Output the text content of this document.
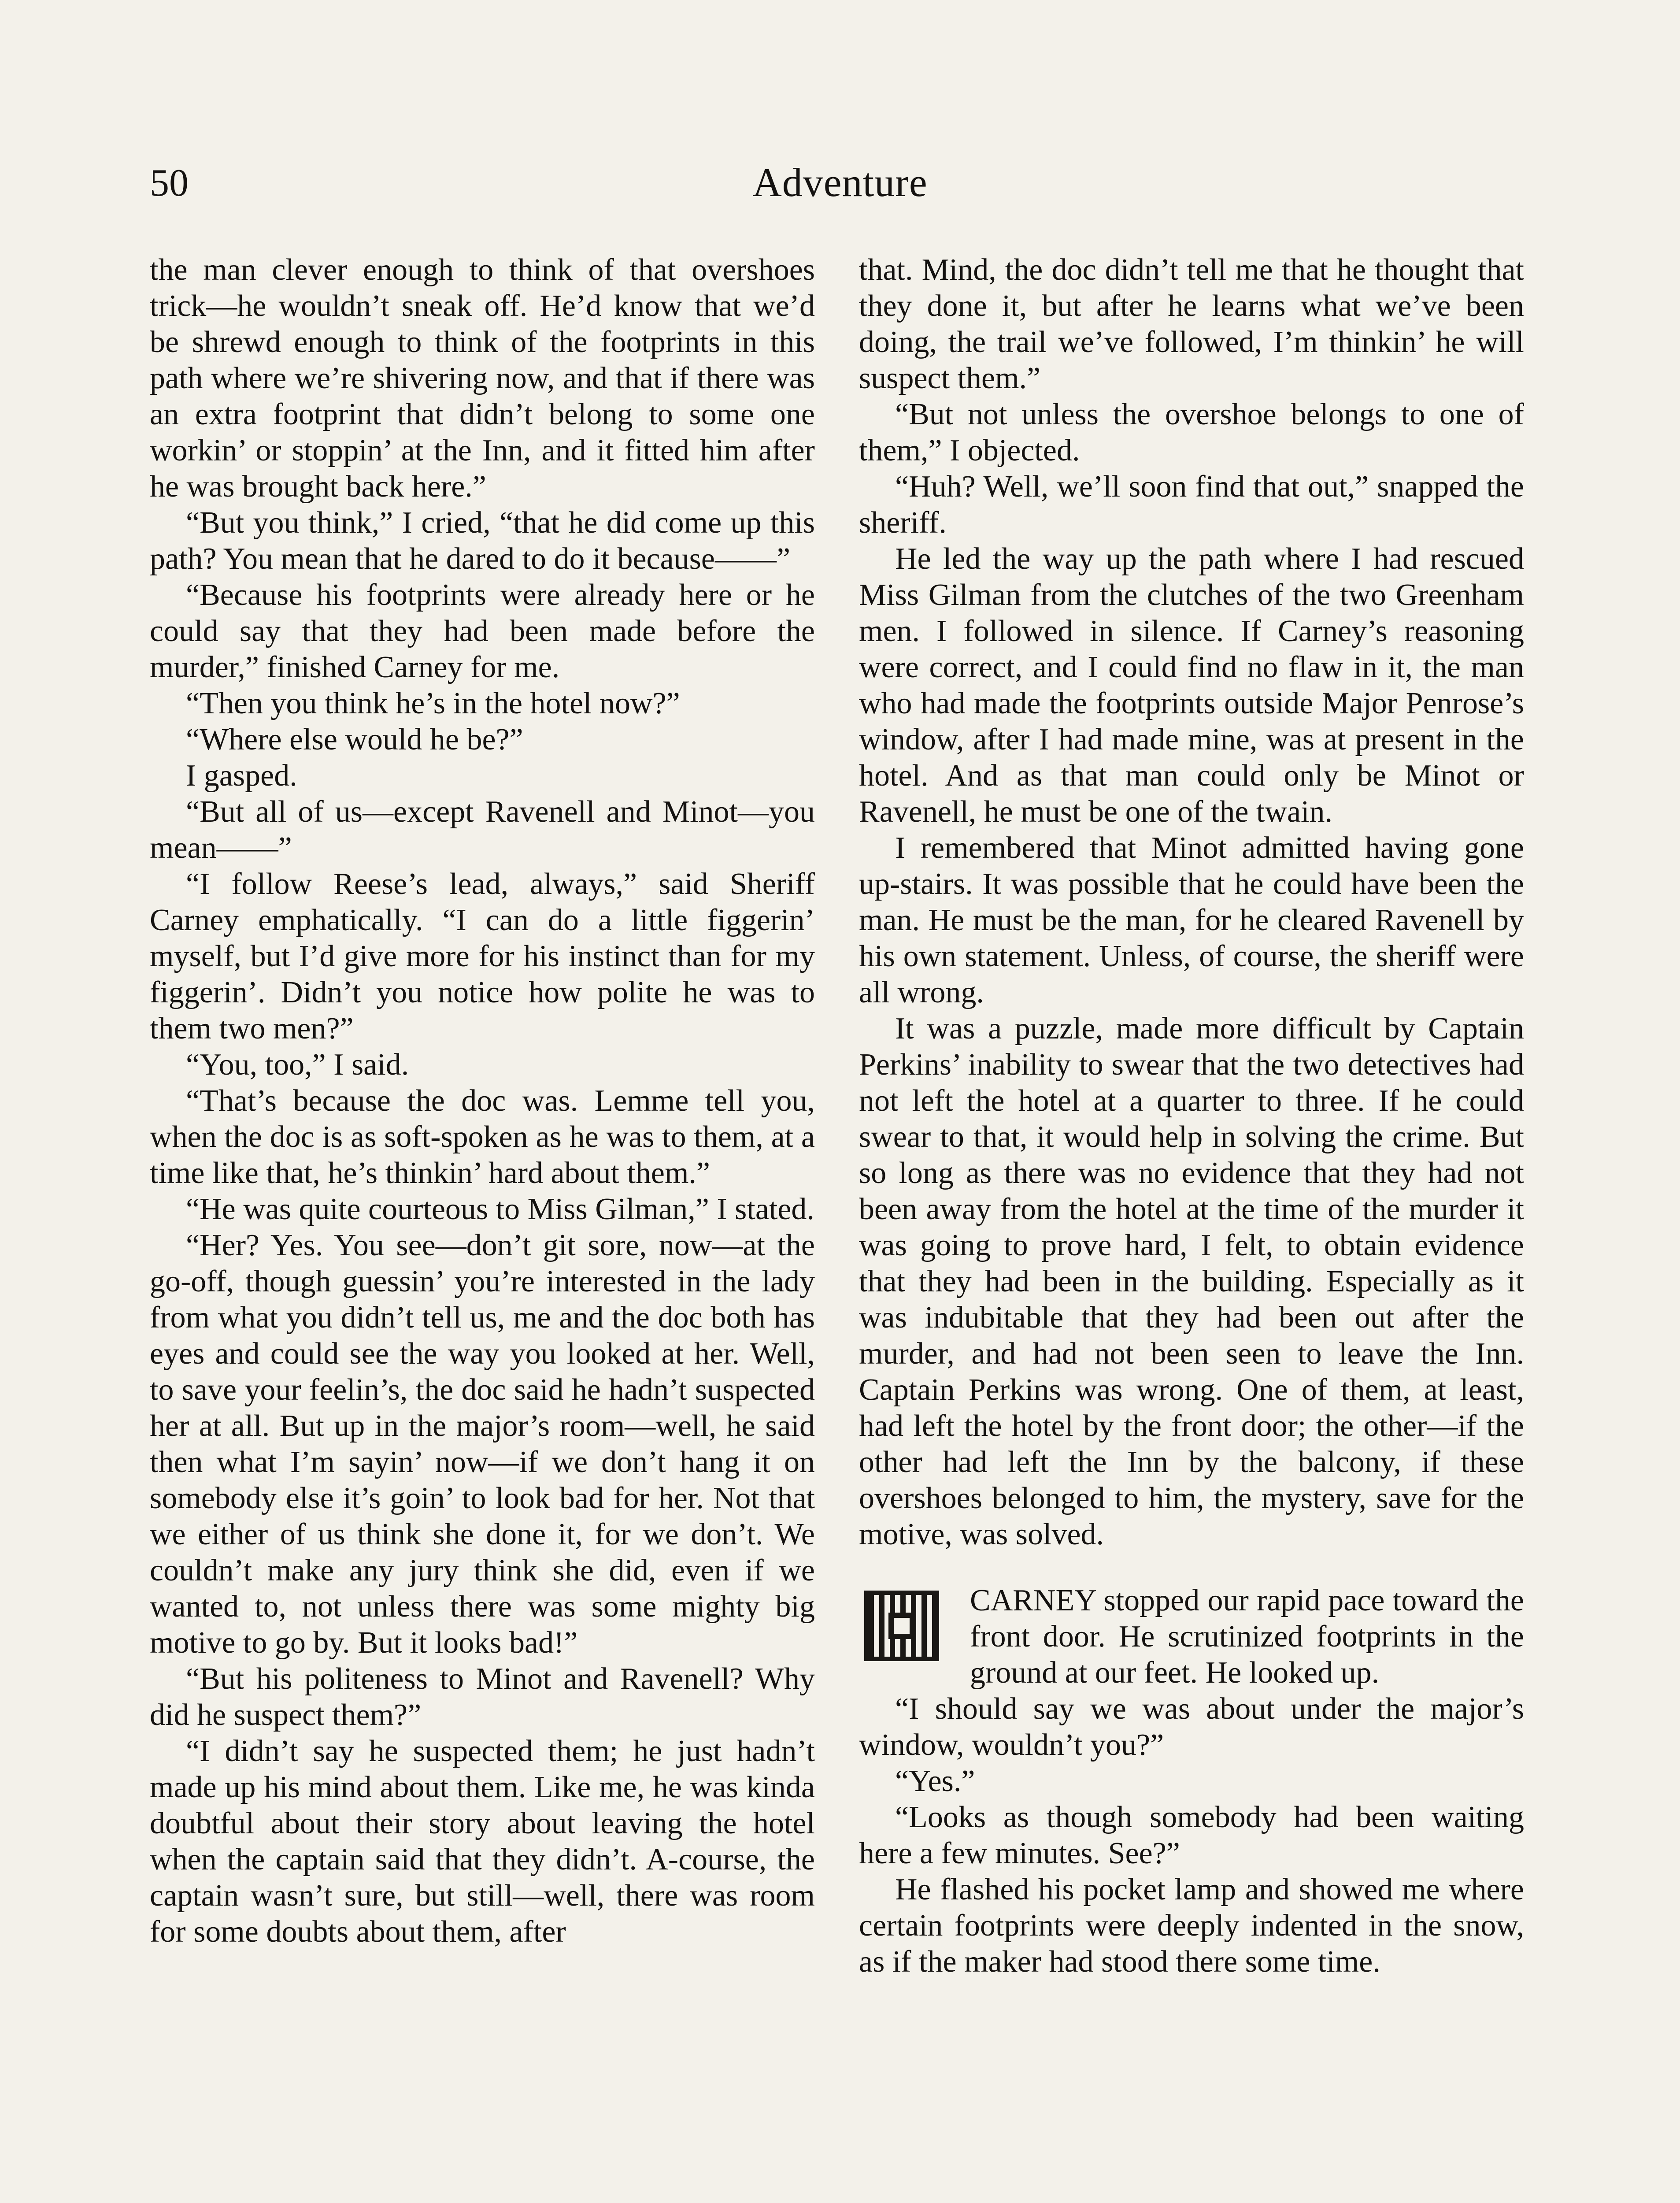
50	Adventure

the man clever enough to think of that overshoes trick—he wouldn’t sneak off. He’d know that we’d be shrewd enough to think of the footprints in this path where we’re shivering now, and that if there was an extra footprint that didn’t belong to some one workin’ or stoppin’ at the Inn, and it fitted him after he was brought back here.”

“But you think,” I cried, “that he did come up this path? You mean that he dared to do it because——”

“Because his footprints were already here or he could say that they had been made before the murder,” finished Carney for me.

“Then you think he’s in the hotel now?”

“Where else would he be?”

I gasped.

“But all of us—except Ravenell and Minot—you mean——”

“I follow Reese’s lead, always,” said Sheriff Carney emphatically. “I can do a little figgerin’ myself, but I’d give more for his instinct than for my figgerin’. Didn’t you notice how polite he was to them two men?”

“You, too,” I said.

“That’s because the doc was. Lemme tell you, when the doc is as soft-spoken as he was to them, at a time like that, he’s thinkin’ hard about them.”

“He was quite courteous to Miss Gilman,” I stated.

“Her? Yes. You see—don’t git sore, now—at the go-off, though guessin’ you’re interested in the lady from what you didn’t tell us, me and the doc both has eyes and could see the way you looked at her. Well, to save your feelin’s, the doc said he hadn’t suspected her at all. But up in the major’s room—well, he said then what I’m sayin’ now—if we don’t hang it on somebody else it’s goin’ to look bad for her. Not that we either of us think she done it, for we don’t. We couldn’t make any jury think she did, even if we wanted to, not unless there was some mighty big motive to go by. But it looks bad!”

“But his politeness to Minot and Ravenell? Why did he suspect them?”

“I didn’t say he suspected them; he just hadn’t made up his mind about them. Like me, he was kinda doubtful about their story about leaving the hotel when the captain said that they didn’t. A-course, the captain wasn’t sure, but still—well, there was room for some doubts about them, after

that. Mind, the doc didn’t tell me that he thought that they done it, but after he learns what we’ve been doing, the trail we’ve followed, I’m thinkin’ he will suspect them.”

“But not unless the overshoe belongs to one of them,” I objected.

“Huh? Well, we’ll soon find that out,” snapped the sheriff.

He led the way up the path where I had rescued Miss Gilman from the clutches of the two Greenham men. I followed in silence. If Carney’s reasoning were correct, and I could find no flaw in it, the man who had made the footprints outside Major Penrose’s window, after I had made mine, was at present in the hotel. And as that man could only be Minot or Ravenell, he must be one of the twain.

I remembered that Minot admitted having gone up-stairs. It was possible that he could have been the man. He must be the man, for he cleared Ravenell by his own statement. Unless, of course, the sheriff were all wrong.

It was a puzzle, made more difficult by Captain Perkins’ inability to swear that the two detectives had not left the hotel at a quarter to three. If he could swear to that, it would help in solving the crime. But so long as there was no evidence that they had not been away from the hotel at the time of the murder it was going to prove hard, I felt, to obtain evidence that they had been in the building. Especially as it was indubitable that they had been out after the murder, and had not been seen to leave the Inn. Captain Perkins was wrong. One of them, at least, had left the hotel by the front door; the other—if the other had left the Inn by the balcony, if these overshoes belonged to him, the mystery, save for the motive, was solved.

CARNEY stopped our rapid pace toward the front door. He scrutinized footprints in the ground at our feet. He looked up.

“I should say we was about under the major’s window, wouldn’t you?”

“Yes.”

“Looks as though somebody had been waiting here a few minutes. See?”

He flashed his pocket lamp and showed me where certain footprints were deeply indented in the snow, as if the maker had stood there some time.
